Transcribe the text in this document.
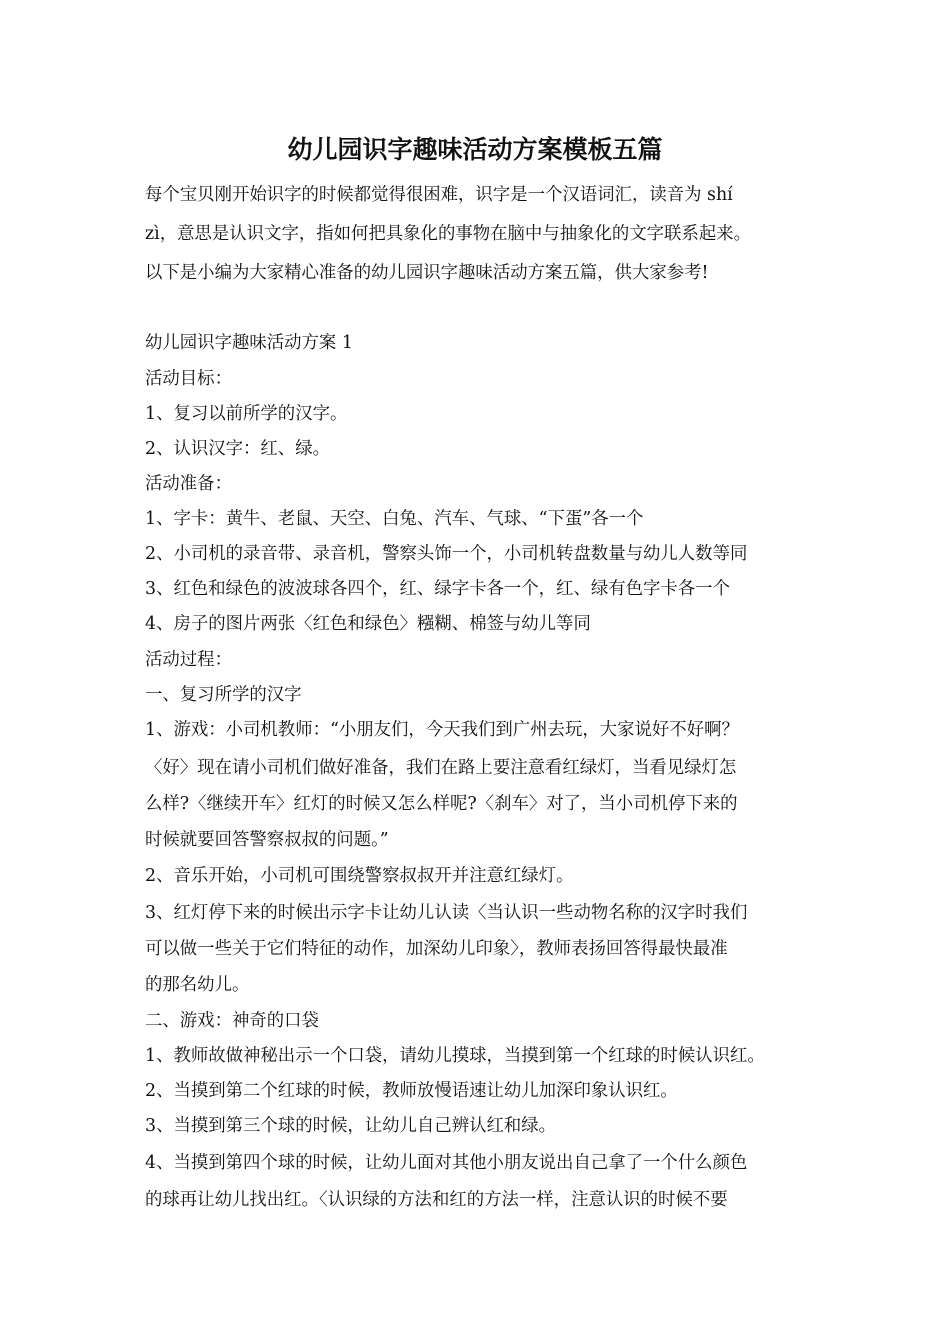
幼儿园识字趣味活动方案模板五篇
每个宝贝刚开始识字的时候都觉得很困难，识字是一个汉语词汇，读音为 shí
zì，意思是认识文字，指如何把具象化的事物在脑中与抽象化的文字联系起来。
以下是小编为大家精心准备的幼儿园识字趣味活动方案五篇，供大家参考!
幼儿园识字趣味活动方案 1
活动目标：
1、复习以前所学的汉字。
2、认识汉字：红、绿。
活动准备：
1、字卡：黄牛、老鼠、天空、白兔、汽车、气球、“下蛋”各一个
2、小司机的录音带、录音机，警察头饰一个，小司机转盘数量与幼儿人数等同
3、红色和绿色的波波球各四个，红、绿字卡各一个，红、绿有色字卡各一个
4、房子的图片两张〈红色和绿色〉糨糊、棉签与幼儿等同
活动过程：
一、复习所学的汉字
1、游戏：小司机教师：“小朋友们，今天我们到广州去玩，大家说好不好啊？
〈好〉现在请小司机们做好准备，我们在路上要注意看红绿灯，当看见绿灯怎
么样?〈继续开车〉红灯的时候又怎么样呢?〈刹车〉对了，当小司机停下来的
时候就要回答警察叔叔的问题。”
2、音乐开始，小司机可围绕警察叔叔开并注意红绿灯。
3、红灯停下来的时候出示字卡让幼儿认读〈当认识一些动物名称的汉字时我们
可以做一些关于它们特征的动作，加深幼儿印象〉，教师表扬回答得最快最准
的那名幼儿。
二、游戏：神奇的口袋
1、教师故做神秘出示一个口袋，请幼儿摸球，当摸到第一个红球的时候认识红。
2、当摸到第二个红球的时候，教师放慢语速让幼儿加深印象认识红。
3、当摸到第三个球的时候，让幼儿自己辨认红和绿。
4、当摸到第四个球的时候，让幼儿面对其他小朋友说出自己拿了一个什么颜色
的球再让幼儿找出红。〈认识绿的方法和红的方法一样，注意认识的时候不要
